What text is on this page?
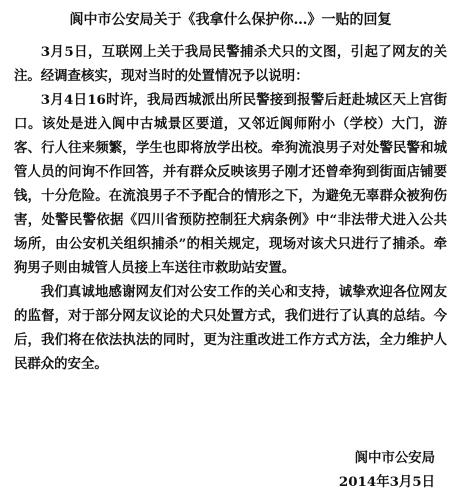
阆中市公安局关于《我拿什么保护你…》一贴的回复

3月5日，互联网上关于我局民警捕杀犬只的文图，引起了网友的关注。经调查核实，现对当时的处置情况予以说明：

3月4日16时许，我局西城派出所民警接到报警后赶赴城区天上宫街口。该处是进入阆中古城景区要道，又邻近阆师附小（学校）大门，游客、行人往来频繁，学生也即将放学出校。牵狗流浪男子对处警民警和城管人员的问询不作回答，并有群众反映该男子刚才还曾牵狗到街面店铺要钱，十分危险。在流浪男子不予配合的情形之下，为避免无辜群众被狗伤害，处警民警依据《四川省预防控制狂犬病条例》中“非法带犬进入公共场所，由公安机关组织捕杀”的相关规定，现场对该犬只进行了捕杀。牵狗男子则由城管人员接上车送往市救助站安置。

我们真诚地感谢网友们对公安工作的关心和支持，诚挚欢迎各位网友的监督，对于部分网友议论的犬只处置方式，我们进行了认真的总结。今后，我们将在依法执法的同时，更为注重改进工作方式方法，全力维护人民群众的安全。

阆中市公安局
2014年3月5日
